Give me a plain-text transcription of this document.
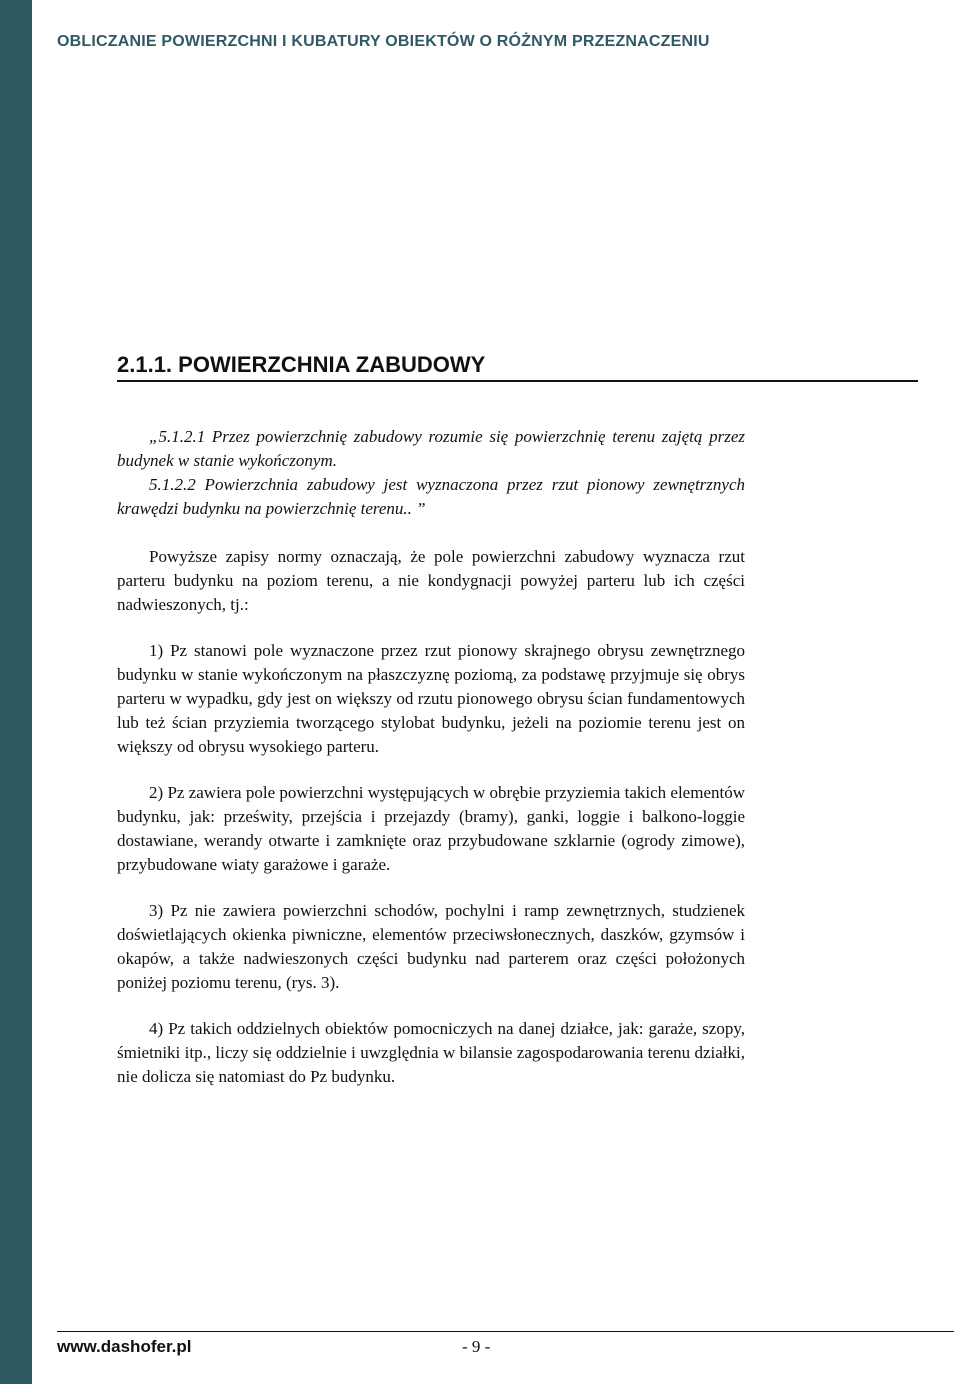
OBLICZANIE POWIERZCHNI I KUBATURY OBIEKTÓW O RÓŻNYM PRZEZNACZENIU
2.1.1. POWIERZCHNIA ZABUDOWY

„5.1.2.1 Przez powierzchnię zabudowy rozumie się powierzchnię terenu zajętą przez budynek w stanie wykończonym.

5.1.2.2 Powierzchnia zabudowy jest wyznaczona przez rzut pionowy zewnętrznych krawędzi budynku na powierzchnię terenu.. ”

Powyższe zapisy normy oznaczają, że pole powierzchni zabudowy wyznacza rzut parteru budynku na poziom terenu, a nie kondygnacji powyżej parteru lub ich części nadwieszonych, tj.:

1) Pz stanowi pole wyznaczone przez rzut pionowy skrajnego obrysu zewnętrznego budynku w stanie wykończonym na płaszczyznę poziomą, za podstawę przyjmuje się obrys parteru w wypadku, gdy jest on większy od rzutu pionowego obrysu ścian fundamentowych lub też ścian przyziemia tworzącego stylobat budynku, jeżeli na poziomie terenu jest on większy od obrysu wysokiego parteru.

2) Pz zawiera pole powierzchni występujących w obrębie przyziemia takich elementów budynku, jak: prześwity, przejścia i przejazdy (bramy), ganki, loggie i balkono-loggie dostawiane, werandy otwarte i zamknięte oraz przybudowane szklarnie (ogrody zimowe), przybudowane wiaty garażowe i garaże.

3) Pz nie zawiera powierzchni schodów, pochylni i ramp zewnętrznych, studzienek doświetlających okienka piwniczne, elementów przeciwsłonecznych, daszków, gzymsów i okapów, a także nadwieszonych części budynku nad parterem oraz części położonych poniżej poziomu terenu, (rys. 3).

4) Pz takich oddzielnych obiektów pomocniczych na danej działce, jak: garaże, szopy, śmietniki itp., liczy się oddzielnie i uwzględnia w bilansie zagospodarowania terenu działki, nie dolicza się natomiast do Pz budynku.

www.dashofer.pl	- 9 -
